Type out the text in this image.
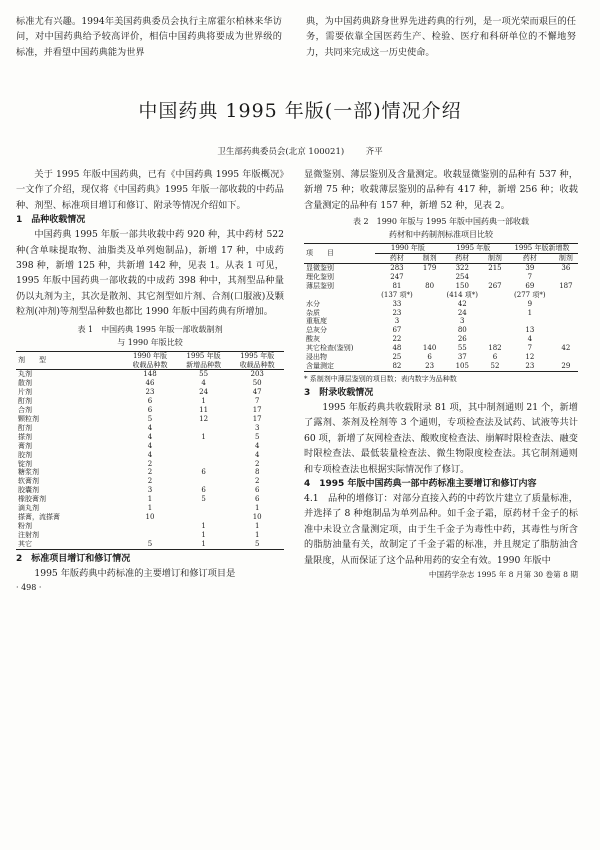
标准尤有兴趣。1994年美国药典委员会执行主席霍尔柏林来华访问，对中国药典给予较高评价，相信中国药典将要成为世界级的标准，并看望中国药典能为世界

典，为中国药典跻身世界先进药典的行列，是一项光荣而艰巨的任务，需要依靠全国医药生产、检验、医疗和科研单位的不懈地努力，共同来完成这一历史使命。

中国药典 1995 年版(一部)情况介绍
卫生部药典委员会(北京 100021)	齐平

关于 1995 年版中国药典，已有《中国药典 1995 年版概况》一文作了介绍，现仅将《中国药典》1995 年版一部收载的中药品种、剂型、标准项目增订和修订、附录等情况介绍如下。

1　品种收载情况

中国药典 1995 年版一部共收载中药 920 种，其中药材 522 种(含单味提取物、油脂类及单列炮制品)，新增 17 种，中成药 398 种，新增 125 种，共新增 142 种，见表 1。从表 1 可见，1995 年版中国药典一部收载的中成药 398 种中，其剂型品种量仍以丸剂为主，其次是散剂、其它剂型如片剂、合剂(口服液)及颗粒剂(冲剂)等剂型品种数也都比 1990 年版中国药典有所增加。

表 1　中国药典 1995 年版一部收载制剂

与 1990 年版比较

剂　　型	1990 年版	1995 年版	1995 年版
	收载品种数	新增品种数	收载品种数
丸剂	148	55	203
散剂	46	4	50
片剂	23	24	47
酊剂	6	1	7
合剂	6	11	17
颗粒剂	5	12	17
酊剂	4		3
搽剂	4	1	5
膏剂	4		4
胶剂	4		4
锭剂	2		2
糖浆剂	2	6	8
软膏剂	2		2
胶囊剂	3	6	6
橡胶膏剂	1	5	6
滴丸剂	1		1
搽膏，流搽膏	10		10
粉剂		1	1
注射剂		1	1
其它	5	1	5

2　标准项目增订和修订情况

1995 年版药典中药标准的主要增订和修订项目是

· 498 ·

显微鉴别、薄层鉴别及含量测定。收载显微鉴别的品种有 537 种，新增 75 种；收载薄层鉴别的品种有 417 种，新增 256 种；收载含量测定的品种有 157 种，新增 52 种，见表 2。

表 2　1990 年版与 1995 年版中国药典一部收载

药材和中药制剂标准项目比较

项　　目	1990 年版		1995 年版		1995 年版新增数	
	药材	制剂	药材	制剂	药材	制剂
显微鉴别	283	179	322	215	39	36
理化鉴别	247		254		7	
薄层鉴别	81	80	150	267	69	187
	(137 项*)		(414 项*)		(277 项*)	
水分	33		42		9	
杂质	23		24		1	
重瓶度	3		3			
总灰分	67		80		13	
酸灰	22		26		4	
其它检查(鉴别)	48	140	55	182	7	42
浸出物	25	6	37	6	12	
含量测定	82	23	105	52	23	29

* 系制剂中薄层鉴别的项目数；表内数字为品种数

3　附录收载情况

1995 年版药典共收载附录 81 项，其中制剂通则 21 个，新增了露剂、茶剂及栓剂等 3 个通则，专项检查法及试药、试液等共计 60 项，新增了灰网检查法、酸败度检查法、崩解时限检查法、融变时限检查法、最低装量检查法、微生物限度检查法。其它制剂通则和专项检查法也根据实际情况作了修订。

4　1995 年版中国药典一部中药标准主要增订和修订内容

4.1　品种的增修订：对部分直接入药的中药饮片建立了质量标准，并选择了 8 种炮制品为单列品种。如千金子霜，原药材千金子的标准中未设立含量测定项，由于生千金子为毒性中药，其毒性与所含的脂肪油量有关，故制定了千金子霜的标准，并且规定了脂肪油含量限度，从而保证了这个品种用药的安全有效。1990 年版中

中国药学杂志 1995 年 8 月第 30 卷第 8 期
